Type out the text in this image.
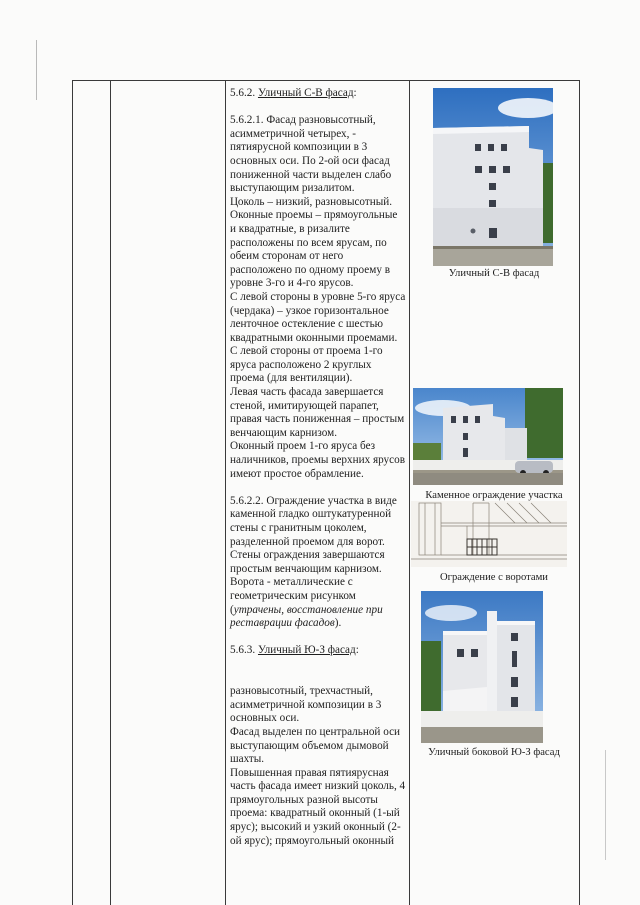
5.6.2. Уличный С-В фасад:

5.6.2.1. Фасад разновысотный, асимметричной четырех, - пятиярусной композиции в 3 основных оси. По 2-ой оси фасад пониженной части выделен слабо выступающим ризалитом.

Цоколь – низкий, разновысотный.

Оконные проемы – прямоугольные и квадратные, в ризалите расположены по всем ярусам, по обеим сторонам от него расположено по одному проему в уровне 3-го и 4-го ярусов.

С левой стороны в уровне 5-го яруса (чердака) – узкое горизонтальное ленточное остекление с шестью квадратными оконными проемами.

С левой стороны от проема 1-го яруса расположено 2 круглых проема (для вентиляции).

Левая часть фасада завершается стеной, имитирующей парапет, правая часть пониженная – простым венчающим карнизом.

Оконный проем 1-го яруса без наличников, проемы верхних ярусов имеют простое обрамление.

5.6.2.2. Ограждение участка в виде каменной гладко оштукатуренной стены с гранитным цоколем, разделенной проемом для ворот.

Стены ограждения завершаются простым венчающим карнизом.

Ворота - металлические с геометрическим рисунком (утрачены, восстановление при реставрации фасадов).

5.6.3. Уличный Ю-З фасад:

разновысотный, трехчастный, асимметричной композиции в 3 основных оси.

Фасад выделен по центральной оси выступающим объемом дымовой шахты.

Повышенная правая пятиярусная часть фасада имеет низкий цоколь, 4 прямоугольных разной высоты проема: квадратный оконный (1-ый ярус); высокий и узкий оконный (2-ой ярус); прямоугольный оконный

Уличный С-В фасад
Каменное ограждение участка
Ограждение с воротами
Уличный боковой Ю-З фасад
